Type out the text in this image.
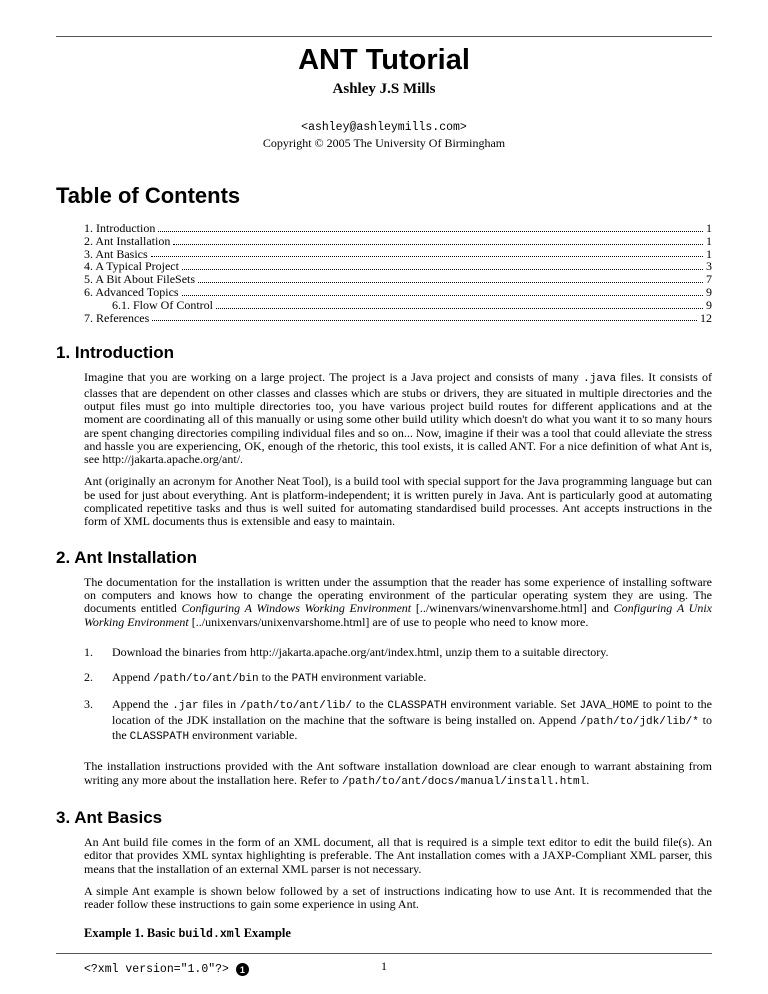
ANT Tutorial
Ashley J.S Mills
<ashley@ashleymills.com>
Copyright © 2005 The University Of Birmingham
Table of Contents
1. Introduction	1
2. Ant Installation	1
3. Ant Basics	1
4. A Typical Project	3
5. A Bit About FileSets	7
6. Advanced Topics	9
6.1. Flow Of Control	9
7. References	12
1. Introduction

Imagine that you are working on a large project. The project is a Java project and consists of many .java files. It consists of classes that are dependent on other classes and classes which are stubs or drivers, they are situated in multiple directories and the output files must go into multiple directories too, you have various project build routes for different applications and at the moment are coordinating all of this manually or using some other build utility which doesn't do what you want it to so many hours are spent changing directories compiling individual files and so on... Now, imagine if their was a tool that could alleviate the stress and hassle you are experiencing, OK, enough of the rhetoric, this tool exists, it is called ANT. For a nice definition of what Ant is, see http://jakarta.apache.org/ant/.

Ant (originally an acronym for Another Neat Tool), is a build tool with special support for the Java programming language but can be used for just about everything. Ant is platform-independent; it is written purely in Java. Ant is particularly good at automating complicated repetitive tasks and thus is well suited for automating standardised build processes. Ant accepts instructions in the form of XML documents thus is extensible and easy to maintain.

2. Ant Installation

The documentation for the installation is written under the assumption that the reader has some experience of installing software on computers and knows how to change the operating environment of the particular operating system they are using. The documents entitled Configuring A Windows Working Environment [../winenvars/winenvarshome.html] and Configuring A Unix Working Environment [../unixenvars/unixenvarshome.html] are of use to people who need to know more.

1.	Download the binaries from http://jakarta.apache.org/ant/index.html, unzip them to a suitable directory.
2.	Append /path/to/ant/bin to the PATH environment variable.
3.	Append the .jar files in /path/to/ant/lib/ to the CLASSPATH environment variable. Set JAVA_HOME to point to the location of the JDK installation on the machine that the software is being installed on. Append /path/to/jdk/lib/* to the CLASSPATH environment variable.

The installation instructions provided with the Ant software installation download are clear enough to warrant abstaining from writing any more about the installation here. Refer to /path/to/ant/docs/manual/install.html.

3. Ant Basics

An Ant build file comes in the form of an XML document, all that is required is a simple text editor to edit the build file(s). An editor that provides XML syntax highlighting is preferable. The Ant installation comes with a JAXP-Compliant XML parser, this means that the installation of an external XML parser is not necessary.

A simple Ant example is shown below followed by a set of instructions indicating how to use Ant. It is recommended that the reader follow these instructions to gain some experience in using Ant.

Example 1. Basic build.xml Example
<?xml version="1.0"?>	1	1
